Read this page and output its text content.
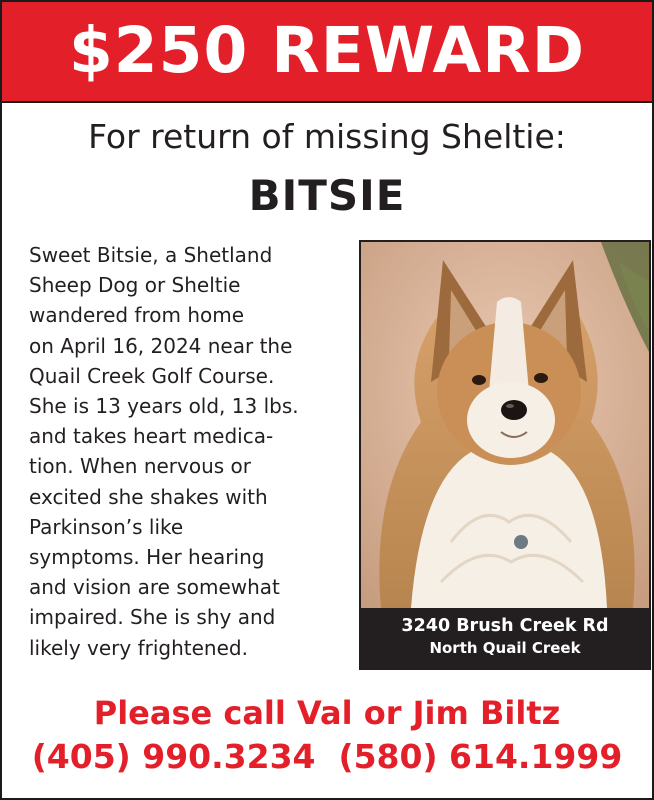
$250 REWARD
For return of missing Sheltie:
BITSIE
Sweet Bitsie, a Shetland
Sheep Dog or Sheltie
wandered from home
on April 16, 2024 near the
Quail Creek Golf Course.
She is 13 years old, 13 lbs.
and takes heart medica-
tion. When nervous or
excited she shakes with
Parkinson’s like
symptoms. Her hearing
and vision are somewhat
impaired. She is shy and
likely very frightened.
3240 Brush Creek Rd
North Quail Creek
Please call Val or Jim Biltz
(405) 990.3234  (580) 614.1999
